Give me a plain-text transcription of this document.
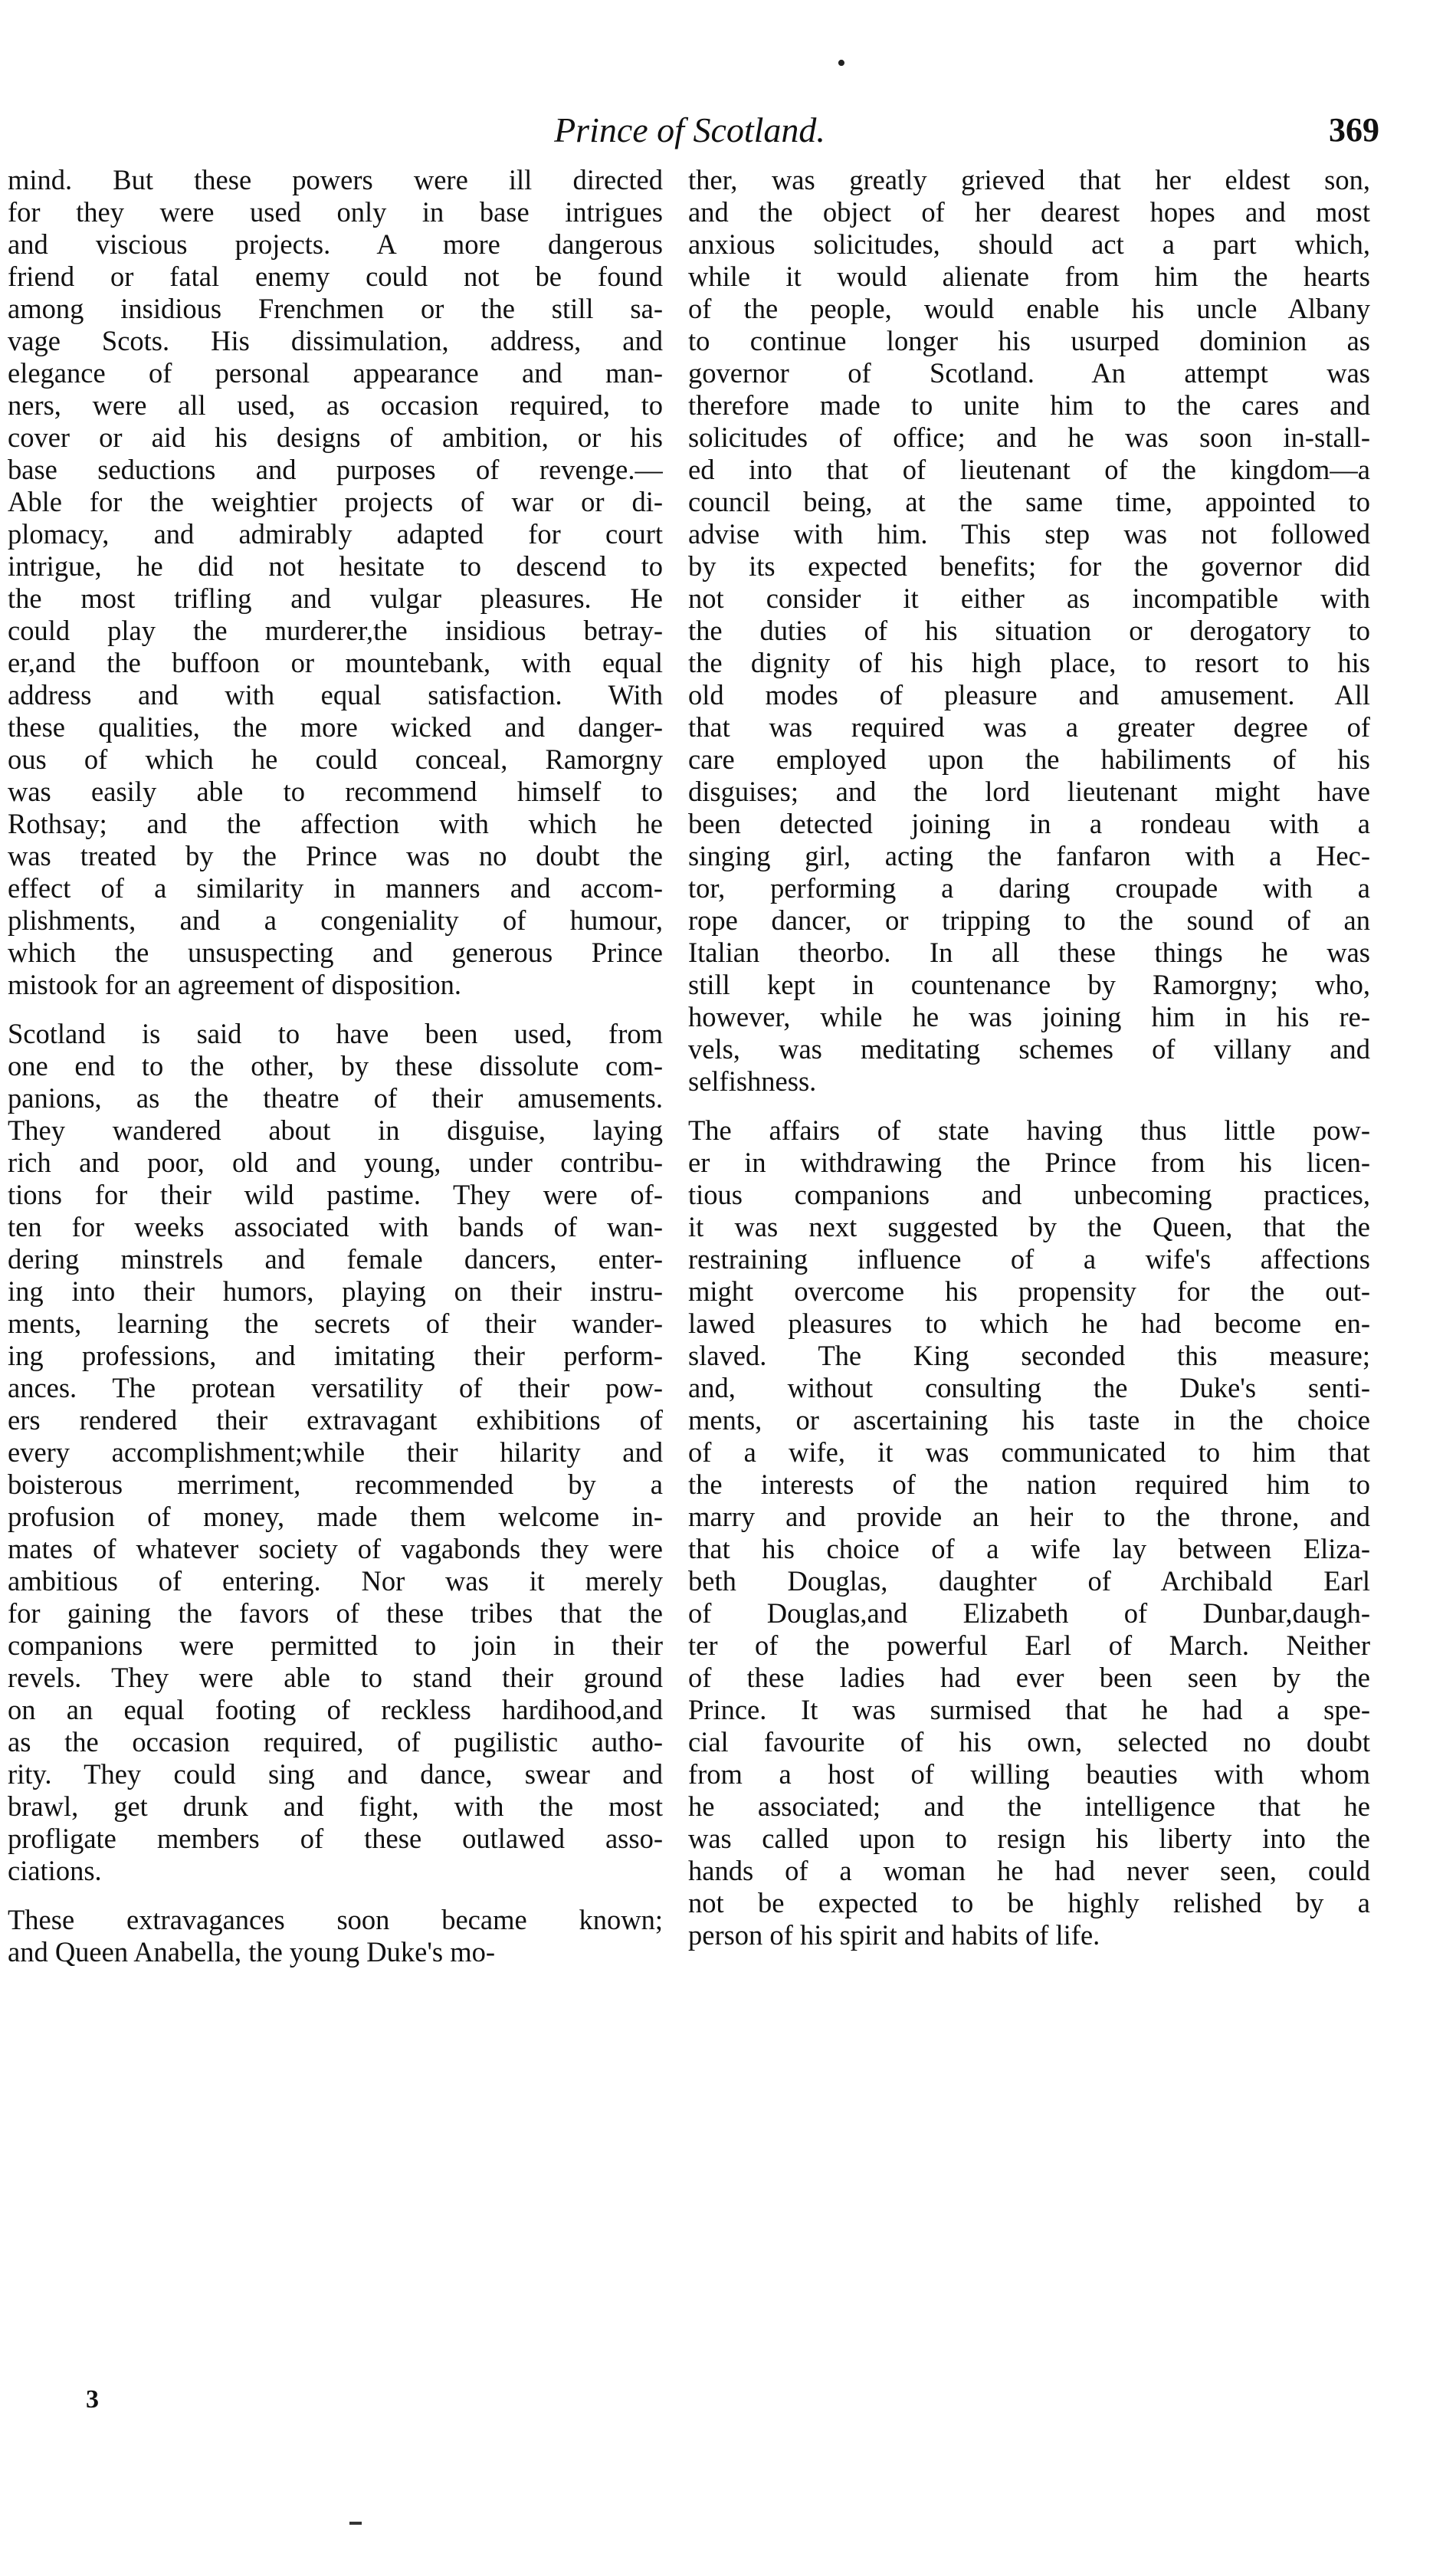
•
Prince of Scotland.	369
mind. But these powers were ill directed
for they were used only in base intrigues
and viscious projects. A more dangerous
friend or fatal enemy could not be found
among insidious Frenchmen or the still sa-
vage Scots. His dissimulation, address, and
elegance of personal appearance and man-
ners, were all used, as occasion required, to
cover or aid his designs of ambition, or his
base seductions and purposes of revenge.—
Able for the weightier projects of war or di-
plomacy, and admirably adapted for court
intrigue, he did not hesitate to descend to
the most trifling and vulgar pleasures. He
could play the murderer,the insidious betray-
er,and the buffoon or mountebank, with equal
address and with equal satisfaction. With
these qualities, the more wicked and danger-
ous of which he could conceal, Ramorgny
was easily able to recommend himself to
Rothsay; and the affection with which he
was treated by the Prince was no doubt the
effect of a similarity in manners and accom-
plishments, and a congeniality of humour,
which the unsuspecting and generous Prince
mistook for an agreement of disposition.
Scotland is said to have been used, from
one end to the other, by these dissolute com-
panions, as the theatre of their amusements.
They wandered about in disguise, laying
rich and poor, old and young, under contribu-
tions for their wild pastime. They were of-
ten for weeks associated with bands of wan-
dering minstrels and female dancers, enter-
ing into their humors, playing on their instru-
ments, learning the secrets of their wander-
ing professions, and imitating their perform-
ances. The protean versatility of their pow-
ers rendered their extravagant exhibitions of
every accomplishment;while their hilarity and
boisterous merriment, recommended by a
profusion of money, made them welcome in-
mates of whatever society of vagabonds they were
ambitious of entering. Nor was it merely
for gaining the favors of these tribes that the
companions were permitted to join in their
revels. They were able to stand their ground
on an equal footing of reckless hardihood,and
as the occasion required, of pugilistic autho-
rity. They could sing and dance, swear and
brawl, get drunk and fight, with the most
profligate members of these outlawed asso-
ciations.
These extravagances soon became known;
and Queen Anabella, the young Duke's mo-
ther, was greatly grieved that her eldest son,
and the object of her dearest hopes and most
anxious solicitudes, should act a part which,
while it would alienate from him the hearts
of the people, would enable his uncle Albany
to continue longer his usurped dominion as
governor of Scotland. An attempt was
therefore made to unite him to the cares and
solicitudes of office; and he was soon in-stall-
ed into that of lieutenant of the kingdom—a
council being, at the same time, appointed to
advise with him. This step was not followed
by its expected benefits; for the governor did
not consider it either as incompatible with
the duties of his situation or derogatory to
the dignity of his high place, to resort to his
old modes of pleasure and amusement. All
that was required was a greater degree of
care employed upon the habiliments of his
disguises; and the lord lieutenant might have
been detected joining in a rondeau with a
singing girl, acting the fanfaron with a Hec-
tor, performing a daring croupade with a
rope dancer, or tripping to the sound of an
Italian theorbo. In all these things he was
still kept in countenance by Ramorgny; who,
however, while he was joining him in his re-
vels, was meditating schemes of villany and
selfishness.
The affairs of state having thus little pow-
er in withdrawing the Prince from his licen-
tious companions and unbecoming practices,
it was next suggested by the Queen, that the
restraining influence of a wife's affections
might overcome his propensity for the out-
lawed pleasures to which he had become en-
slaved. The King seconded this measure;
and, without consulting the Duke's senti-
ments, or ascertaining his taste in the choice
of a wife, it was communicated to him that
the interests of the nation required him to
marry and provide an heir to the throne, and
that his choice of a wife lay between Eliza-
beth Douglas, daughter of Archibald Earl
of Douglas,and Elizabeth of Dunbar,daugh-
ter of the powerful Earl of March. Neither
of these ladies had ever been seen by the
Prince. It was surmised that he had a spe-
cial favourite of his own, selected no doubt
from a host of willing beauties with whom
he associated; and the intelligence that he
was called upon to resign his liberty into the
hands of a woman he had never seen, could
not be expected to be highly relished by a
person of his spirit and habits of life.
3
